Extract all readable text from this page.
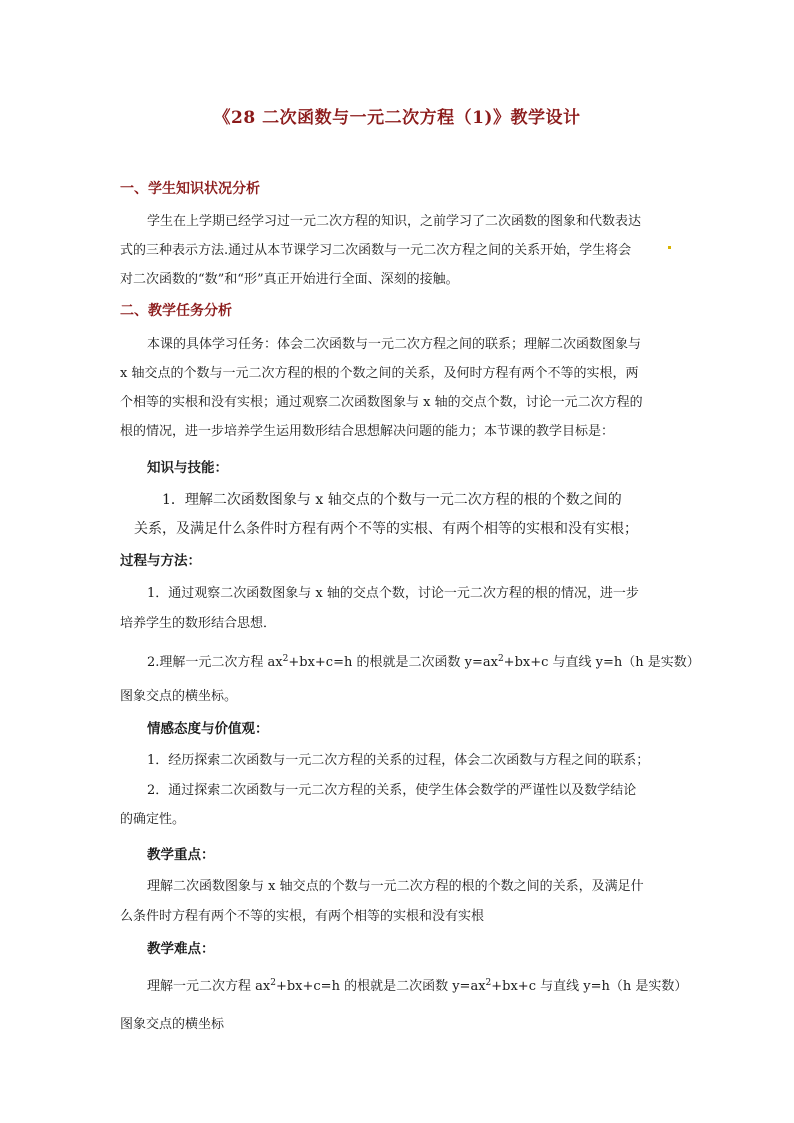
《28 二次函数与一元二次方程（1)》教学设计
一、学生知识状况分析
学生在上学期已经学习过一元二次方程的知识，之前学习了二次函数的图象和代数表达
式的三种表示方法.通过从本节课学习二次函数与一元二次方程之间的关系开始，学生将会
对二次函数的“数”和“形”真正开始进行全面、深刻的接触。
二、教学任务分析
本课的具体学习任务：体会二次函数与一元二次方程之间的联系；理解二次函数图象与
x 轴交点的个数与一元二次方程的根的个数之间的关系，及何时方程有两个不等的实根，两
个相等的实根和没有实根；通过观察二次函数图象与 x 轴的交点个数，讨论一元二次方程的
根的情况，进一步培养学生运用数形结合思想解决问题的能力；本节课的教学目标是：
知识与技能：
1．理解二次函数图象与 x 轴交点的个数与一元二次方程的根的个数之间的
关系，及满足什么条件时方程有两个不等的实根、有两个相等的实根和没有实根；
过程与方法：
1．通过观察二次函数图象与 x 轴的交点个数，讨论一元二次方程的根的情况，进一步
培养学生的数形结合思想．
2.理解一元二次方程 $ax^2+bx+c=h$ 的根就是二次函数 $y=ax^2+bx+c$ 与直线 y=h（h 是实数）
图象交点的横坐标。
情感态度与价值观：
1．经历探索二次函数与一元二次方程的关系的过程，体会二次函数与方程之间的联系；
2．通过探索二次函数与一元二次方程的关系，使学生体会数学的严谨性以及数学结论
的确定性。
教学重点：
理解二次函数图象与 x 轴交点的个数与一元二次方程的根的个数之间的关系，及满足什
么条件时方程有两个不等的实根，有两个相等的实根和没有实根
教学难点：
理解一元二次方程 $ax^2+bx+c=h$ 的根就是二次函数 $y=ax^2+bx+c$ 与直线 y=h（h 是实数）
图象交点的横坐标
